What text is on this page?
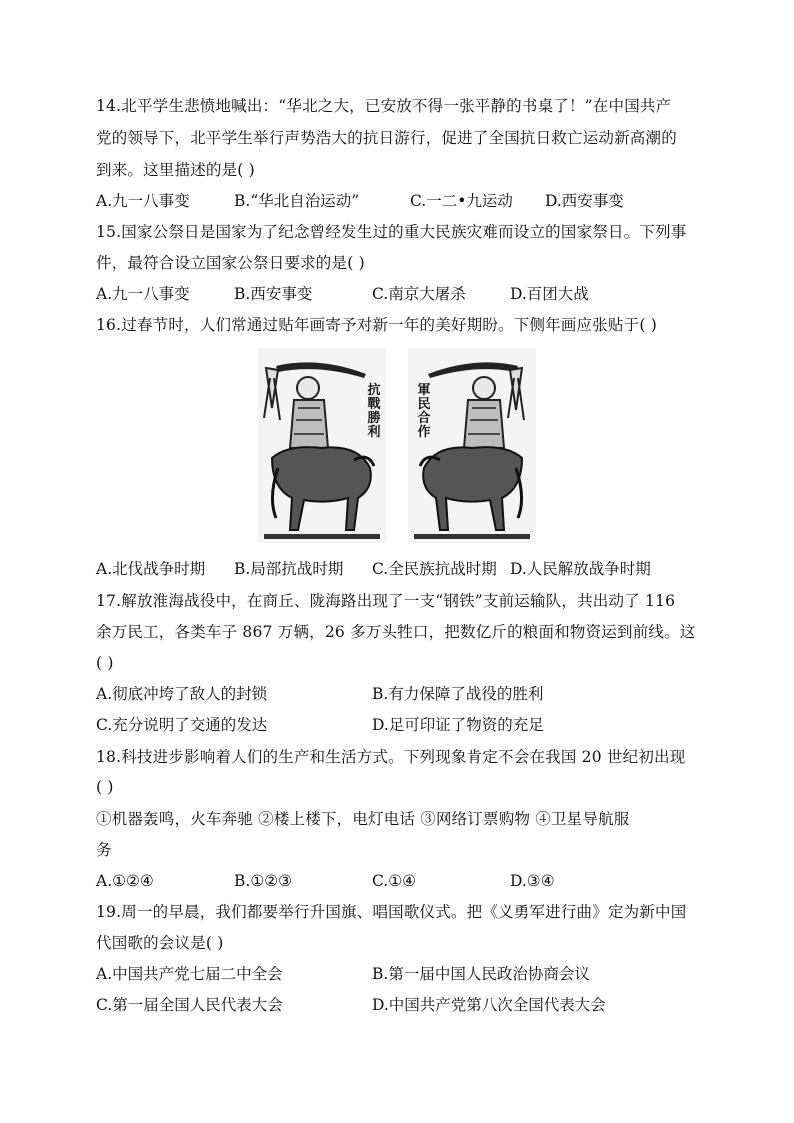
14.北平学生悲愤地喊出：“华北之大，已安放不得一张平静的书桌了！”在中国共产
党的领导下，北平学生举行声势浩大的抗日游行，促进了全国抗日救亡运动新高潮的
到来。这里描述的是( )
A.九一八事变	B.“华北自治运动”	C.一二•九运动 D.西安事变
15.国家公祭日是国家为了纪念曾经发生过的重大民族灾难而设立的国家祭日。下列事
件，最符合设立国家公祭日要求的是( )
A.九一八事变	B.西安事变	C.南京大屠杀	D.百团大战
16.过春节时，人们常通过贴年画寄予对新一年的美好期盼。下侧年画应张贴于( )
抗戰勝利
軍民合作
A.北伐战争时期 B.局部抗战时期 C.全民族抗战时期 D.人民解放战争时期
17.解放淮海战役中，在商丘、陇海路出现了一支“钢铁”支前运输队，共出动了 116
余万民工，各类车子 867 万辆，26 多万头牲口，把数亿斤的粮面和物资运到前线。这
( )
A.彻底冲垮了敌人的封锁	B.有力保障了战役的胜利
C.充分说明了交通的发达	D.足可印证了物资的充足
18.科技进步影响着人们的生产和生活方式。下列现象肯定不会在我国 20 世纪初出现
( )
①机器轰鸣，火车奔驰 ②楼上楼下，电灯电话 ③网络订票购物 ④卫星导航服
务
A.①②④	B.①②③	C.①④	D.③④
19.周一的早晨，我们都要举行升国旗、唱国歌仪式。把《义勇军进行曲》定为新中国
代国歌的会议是( )
A.中国共产党七届二中全会	B.第一届中国人民政治协商会议
C.第一届全国人民代表大会	D.中国共产党第八次全国代表大会
